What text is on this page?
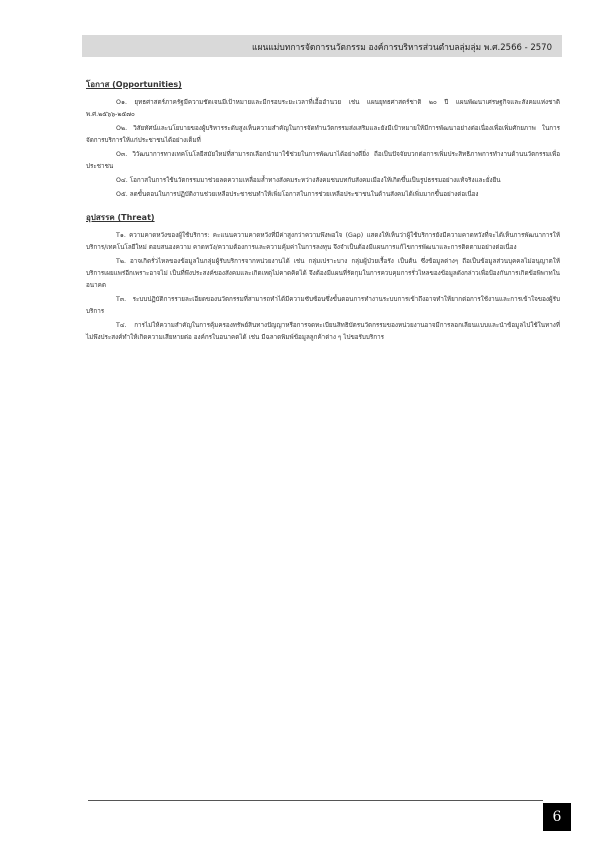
แผนแม่บทการจัดการนวัตกรรม องค์การบริหารส่วนตำบลลุ่มลุ่ม พ.ศ.2566 - 2570
โอกาส (Opportunities)

O๑. ยุทธศาสตร์ภาครัฐมีความชัดเจนมีเป้าหมายและมีกรอบระยะเวลาที่เอื้ออำนวย เช่น แผนยุทธศาสตร์ชาติ ๒๐ ปี แผนพัฒนาเศรษฐกิจและสังคมแห่งชาติ พ.ศ.๒๕๖๖-๒๕๗๐

O๒. วิสัยทัศน์และนโยบายของผู้บริหารระดับสูงเห็นความสำคัญในการจัดทำนวัตกรรมส่งเสริมและยังมีเป้าหมายให้มีการพัฒนาอย่างต่อเนื่องเพื่อเพิ่มศักยภาพ ในการจัดการบริการให้แก่ประชาชนได้อย่างเต็มที่

O๓. วิวัฒนาการทางเทคโนโลยีสมัยใหม่ที่สามารถเลือกนำมาใช้ช่วยในการพัฒนาได้อย่างดียิ่ง ถือเป็นปัจจัยบวกต่อการเพิ่มประสิทธิภาพการทำงานด้านนวัตกรรมเพื่อประชาชน

O๔. โอกาสในการใช้นวัตกรรมมาช่วยลดความเหลื่อมล้ำทางสังคมระหว่างสังคมชนบทกับสังคมเมืองให้เกิดขึ้นเป็นรูปธรรมอย่างแท้จริงและยั่งยืน

O๕. ลดขั้นตอนในการปฏิบัติงานช่วยเหลือประชาชนทำให้เพิ่มโอกาสในการช่วยเหลือประชาชนในด้านสังคมได้เพิ่มมากขึ้นอย่างต่อเนื่อง

อุปสรรค (Threat)

T๑. ความคาดหวังของผู้ใช้บริการ: คะแนนความคาดหวังที่มีค่าสูงกว่าความพึงพอใจ (Gap) แสดงให้เห็นว่าผู้ใช้บริการยังมีความคาดหวังที่จะได้เห็นการพัฒนาการให้บริการ/เทคโนโลยีใหม่ ตอบสนองความ คาดหวัง/ความต้องการและความคุ้มค่าในการลงทุน จึงจำเป็นต้องมีแผนการแก้ไขการพัฒนาและการติดตามอย่างต่อเนื่อง

T๒. อาจเกิดรั่วไหลของข้อมูลในกลุ่มผู้รับบริการจากหน่วยงานได้ เช่น กลุ่มเปราะบาง กลุ่มผู้ป่วยเรื้อรัง เป็นต้น ซึ่งข้อมูลต่างๆ ถือเป็นข้อมูลส่วนบุคคลไม่อนุญาตให้บริการเผยแพร่อีกเพราะอาจไม่ เป็นที่พึงประสงค์ของสังคมและเกิดเหตุไม่คาดคิดได้ จึงต้องมีแผนที่รัดกุมในการควบคุมการรั่วไหลของข้อมูลดังกล่าวเพื่อป้องกันการเกิดข้อพิพาทในอนาคต

T๓. ระบบปฏิบัติการรายละเอียดของนวัตกรรมที่สามารถทำได้มีความซับซ้อนซึ่งขั้นตอนการทำงานระบบการเข้าถึงอาจทำให้ยากต่อการใช้งานและการเข้าใจของผู้รับบริการ

T๔. การไม่ให้ความสำคัญในการคุ้มครองทรัพย์สินทางปัญญาหรือการจดทะเบียนสิทธิบัตรนวัตกรรมของหน่วยงานอาจมีการลอกเลียนแบบและนำข้อมูลไปใช้ในทางที่ไม่พึงประสงค์ทำให้เกิดความเสียหายต่อ องค์กรในอนาคตได้ เช่น มีฉลาดพิมพ์ข้อมูลลูกค้าต่าง ๆ ไปขอรับบริการ

6
